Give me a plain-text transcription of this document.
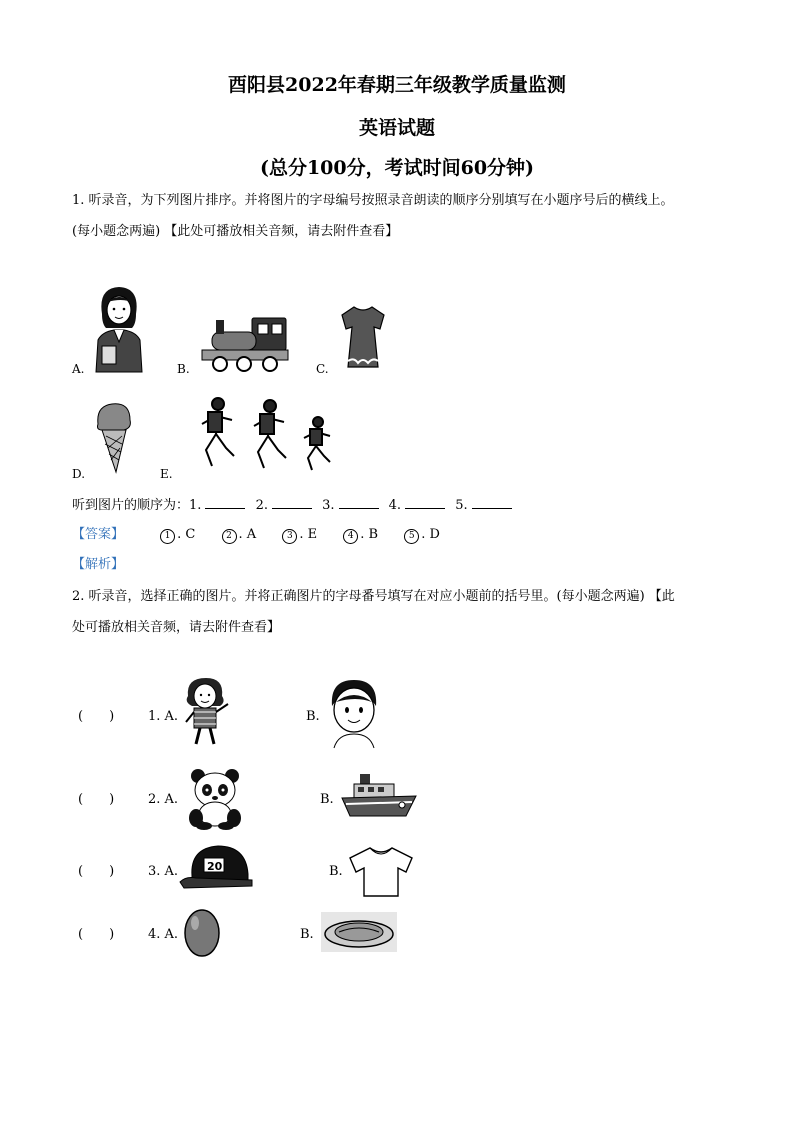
酉阳县2022年春期三年级教学质量监测
英语试题
(总分100分，考试时间60分钟)
1. 听录音，为下列图片排序。并将图片的字母编号按照录音朗读的顺序分别填写在小题序号后的横线上。
(每小题念两遍) 【此处可播放相关音频，请去附件查看】
A.	B.	C.
D.	E.
听到图片的顺序为：1.	2.	3.	4.	5.
【答案】	1 . C	2 . A	3 . E	4 . B	5 . D
【解析】
2. 听录音，选择正确的图片。并将正确图片的字母番号填写在对应小题前的括号里。(每小题念两遍) 【此
处可播放相关音频，请去附件查看】
(　　)	1. A.	B.
(　　)	2. A.	B.
(　　)	3. A.	20	B.
(　　)	4. A.	B.
